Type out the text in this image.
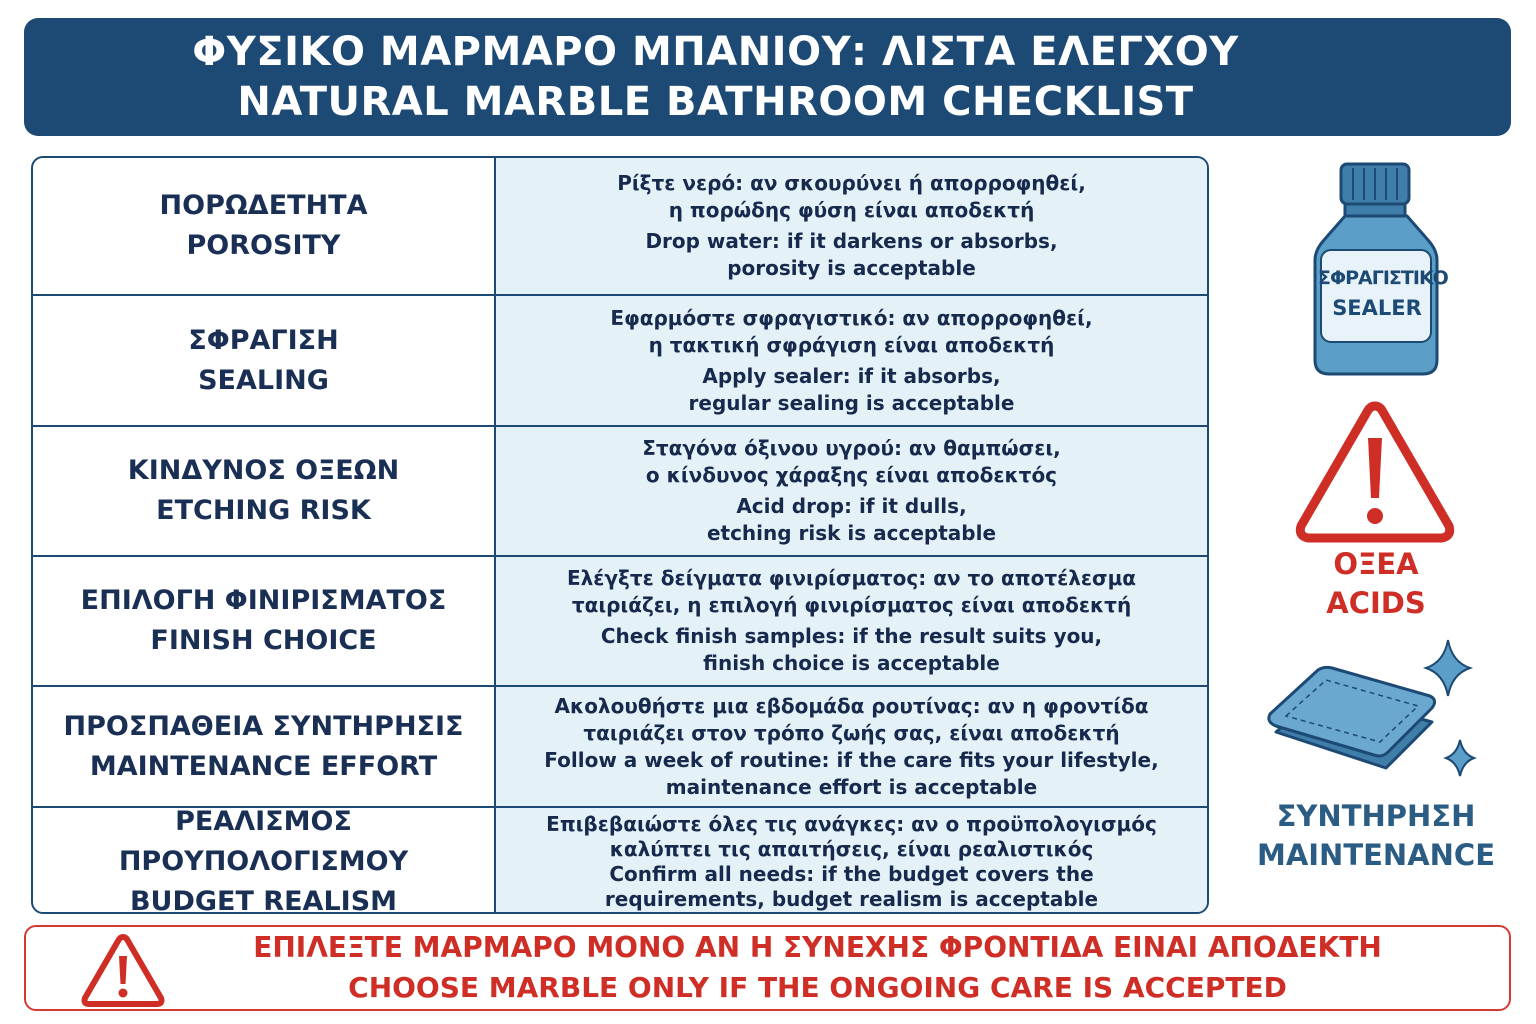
ΦΥΣΙΚΟ ΜΑΡΜΑΡΟ ΜΠΑΝΙΟΥ: ΛΙΣΤΑ ΕΛΕΓΧΟΥ
NATURAL MARBLE BATHROOM CHECKLIST
ΠΟΡΩΔΕΤΗΤΑ
POROSITY
Ρίξτε νερό: αν σκουρύνει ή απορροφηθεί,
η πορώδης φύση είναι αποδεκτή
Drop water: if it darkens or absorbs,
porosity is acceptable
ΣΦΡΑΓΙΣΗ
SEALING
Εφαρμόστε σφραγιστικό: αν απορροφηθεί,
η τακτική σφράγιση είναι αποδεκτή
Apply sealer: if it absorbs,
regular sealing is acceptable
ΚΙΝΔΥΝΟΣ ΟΞΕΩΝ
ETCHING RISK
Σταγόνα όξινου υγρού: αν θαμπώσει,
ο κίνδυνος χάραξης είναι αποδεκτός
Acid drop: if it dulls,
etching risk is acceptable
ΕΠΙΛΟΓΗ ΦΙΝΙΡΙΣΜΑΤΟΣ
FINISH CHOICE
Ελέγξτε δείγματα φινιρίσματος: αν το αποτέλεσμα
ταιριάζει, η επιλογή φινιρίσματος είναι αποδεκτή
Check finish samples: if the result suits you,
finish choice is acceptable
ΠΡΟΣΠΑΘΕΙΑ ΣΥΝΤΗΡΗΣΙΣ
MAINTENANCE EFFORT
Ακολουθήστε μια εβδομάδα ρουτίνας: αν η φροντίδα
ταιριάζει στον τρόπο ζωής σας, είναι αποδεκτή
Follow a week of routine: if the care fits your lifestyle,
maintenance effort is acceptable
ΡΕΑΛΙΣΜΟΣ ΠΡΟΥΠΟΛΟΓΙΣΜΟΥ
BUDGET REALISM
Επιβεβαιώστε όλες τις ανάγκες: αν ο προϋπολογισμός
καλύπτει τις απαιτήσεις, είναι ρεαλιστικός
Confirm all needs: if the budget covers the
requirements, budget realism is acceptable
ΣΦΡΑΓΙΣΤΙΚΟ
SEALER
ΟΞΕΑ
ACIDS
ΣΥΝΤΗΡΗΣΗ
MAINTENANCE
ΕΠΙΛΕΞΤΕ ΜΑΡΜΑΡΟ ΜΟΝΟ ΑΝ Η ΣΥΝΕΧΗΣ ΦΡΟΝΤΙΔΑ ΕΙΝΑΙ ΑΠΟΔΕΚΤΗ
CHOOSE MARBLE ONLY IF THE ONGOING CARE IS ACCEPTED
